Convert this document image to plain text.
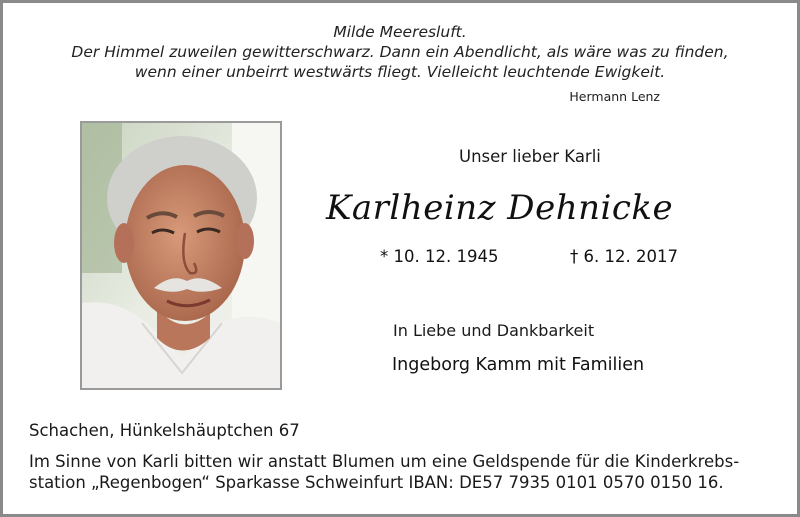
Milde Meeresluft.
Der Himmel zuweilen gewitterschwarz. Dann ein Abendlicht, als wäre was zu finden,
wenn einer unbeirrt westwärts fliegt. Vielleicht leuchtende Ewigkeit.
Hermann Lenz
Unser lieber Karli
Karlheinz Dehnicke
* 10. 12. 1945	† 6. 12. 2017
In Liebe und Dankbarkeit
Ingeborg Kamm mit Familien
Schachen, Hünkelshäuptchen 67
Im Sinne von Karli bitten wir anstatt Blumen um eine Geldspende für die Kinderkrebs-
station „Regenbogen“ Sparkasse Schweinfurt IBAN: DE57 7935 0101 0570 0150 16.
